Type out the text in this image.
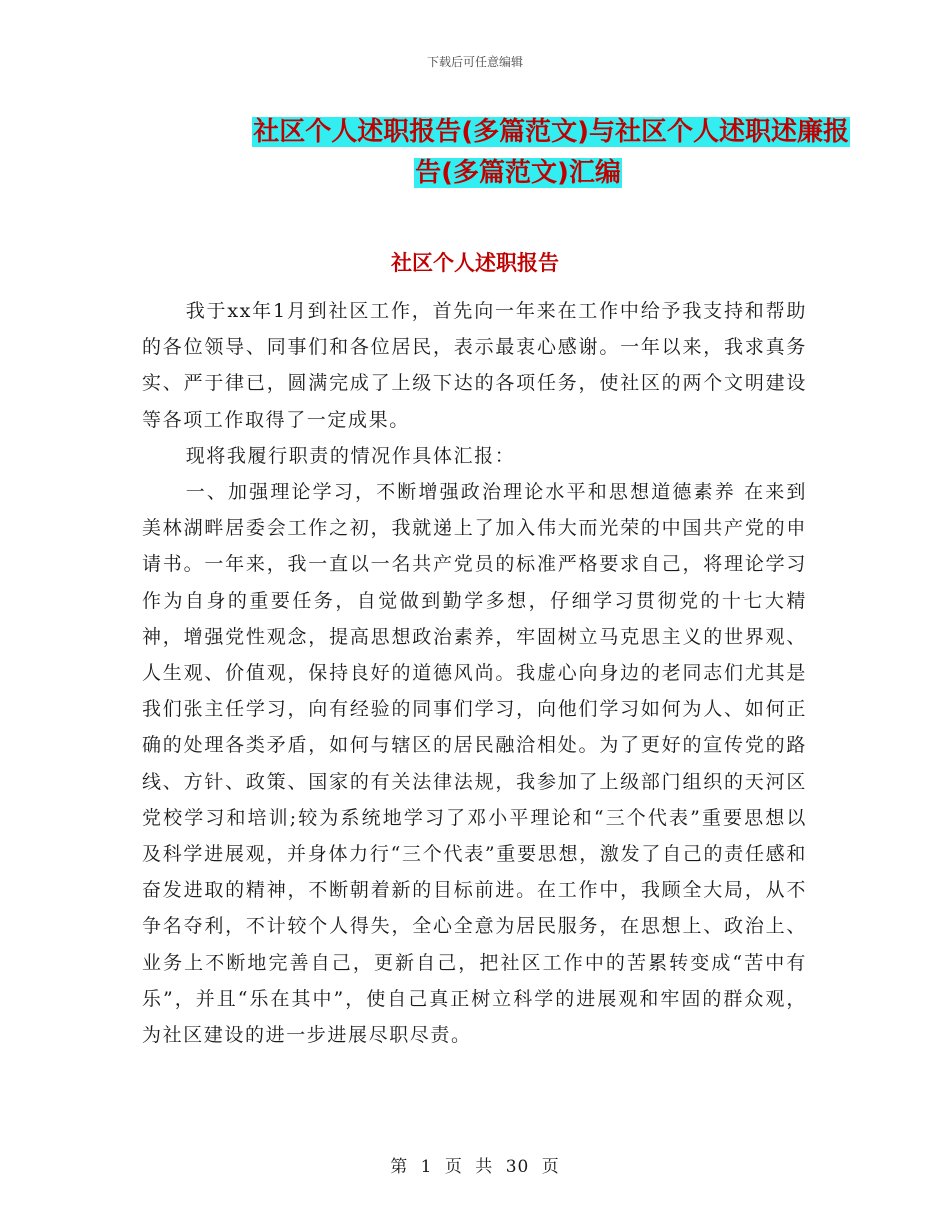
下载后可任意编辑
社区个人述职报告(多篇范文)与社区个人述职述廉报
告(多篇范文)汇编
社区个人述职报告

我于xx年1月到社区工作，首先向一年来在工作中给予我支持和帮助的各位领导、同事们和各位居民，表示最衷心感谢。一年以来，我求真务实、严于律已，圆满完成了上级下达的各项任务，使社区的两个文明建设等各项工作取得了一定成果。

现将我履行职责的情况作具体汇报：

一、加强理论学习，不断增强政治理论水平和思想道德素养 在来到美林湖畔居委会工作之初，我就递上了加入伟大而光荣的中国共产党的申请书。一年来，我一直以一名共产党员的标准严格要求自己，将理论学习作为自身的重要任务，自觉做到勤学多想，仔细学习贯彻党的十七大精神，增强党性观念，提高思想政治素养，牢固树立马克思主义的世界观、人生观、价值观，保持良好的道德风尚。我虚心向身边的老同志们尤其是我们张主任学习，向有经验的同事们学习，向他们学习如何为人、如何正确的处理各类矛盾，如何与辖区的居民融洽相处。为了更好的宣传党的路线、方针、政策、国家的有关法律法规，我参加了上级部门组织的天河区党校学习和培训;较为系统地学习了邓小平理论和“三个代表”重要思想以及科学进展观，并身体力行“三个代表”重要思想，激发了自己的责任感和奋发进取的精神，不断朝着新的目标前进。在工作中，我顾全大局，从不争名夺利，不计较个人得失，全心全意为居民服务，在思想上、政治上、业务上不断地完善自己，更新自己，把社区工作中的苦累转变成“苦中有乐”，并且“乐在其中”，使自己真正树立科学的进展观和牢固的群众观，为社区建设的进一步进展尽职尽责。

第 1 页 共 30 页
